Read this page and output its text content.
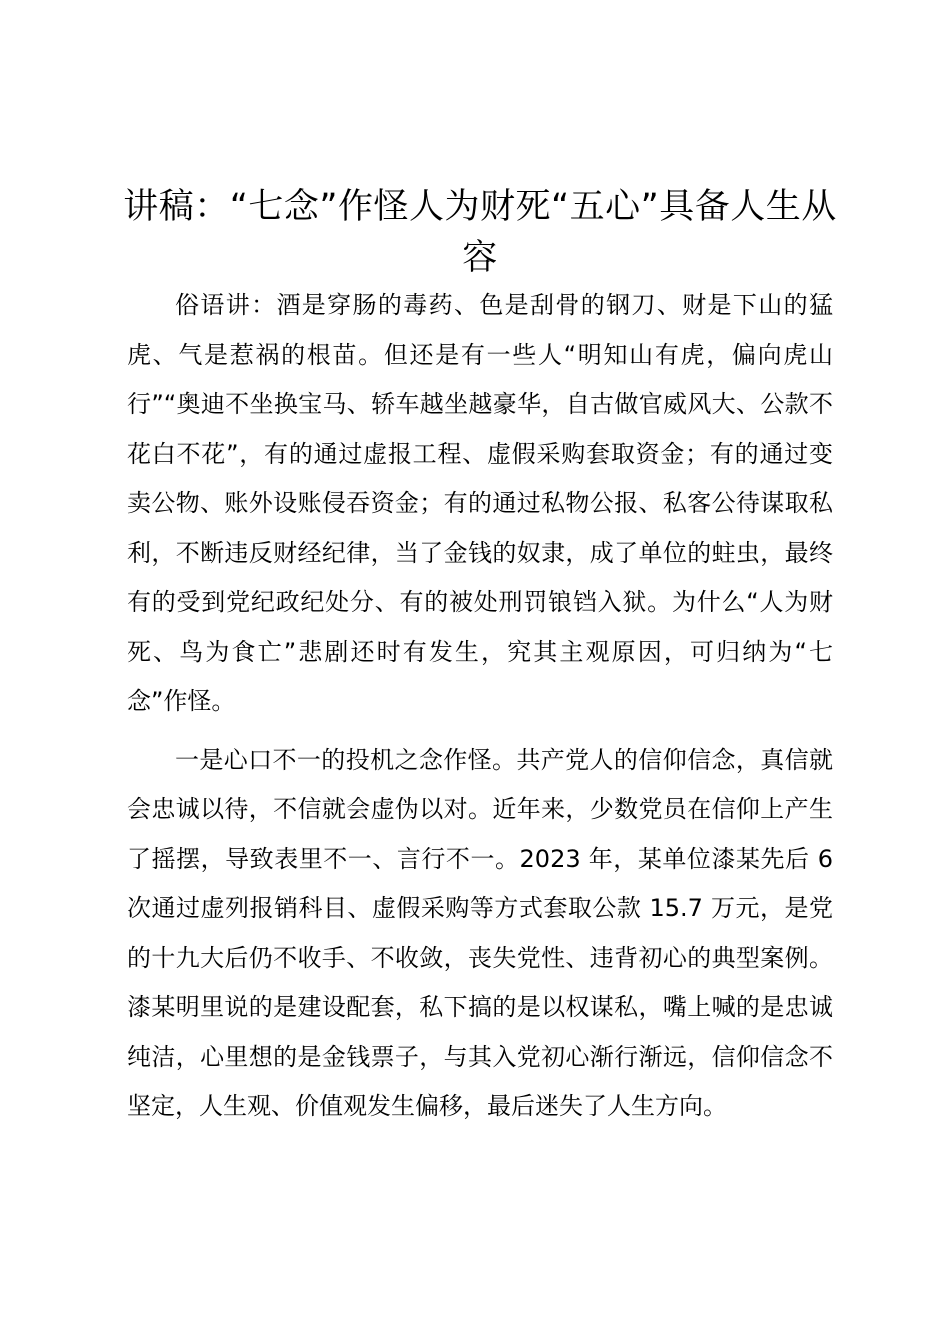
讲稿：“七念”作怪人为财死“五心”具备人生从容

俗语讲：酒是穿肠的毒药、色是刮骨的钢刀、财是下山的猛虎、气是惹祸的根苗。但还是有一些人“明知山有虎，偏向虎山行”“奥迪不坐换宝马、轿车越坐越豪华，自古做官威风大、公款不花白不花”，有的通过虚报工程、虚假采购套取资金；有的通过变卖公物、账外设账侵吞资金；有的通过私物公报、私客公待谋取私利，不断违反财经纪律，当了金钱的奴隶，成了单位的蛀虫，最终有的受到党纪政纪处分、有的被处刑罚锒铛入狱。为什么“人为财死、鸟为食亡”悲剧还时有发生，究其主观原因，可归纳为“七念”作怪。

一是心口不一的投机之念作怪。共产党人的信仰信念，真信就会忠诚以待，不信就会虚伪以对。近年来，少数党员在信仰上产生了摇摆，导致表里不一、言行不一。2023 年，某单位漆某先后 6 次通过虚列报销科目、虚假采购等方式套取公款 15.7 万元，是党的十九大后仍不收手、不收敛，丧失党性、违背初心的典型案例。漆某明里说的是建设配套，私下搞的是以权谋私，嘴上喊的是忠诚纯洁，心里想的是金钱票子，与其入党初心渐行渐远，信仰信念不坚定，人生观、价值观发生偏移，最后迷失了人生方向。
